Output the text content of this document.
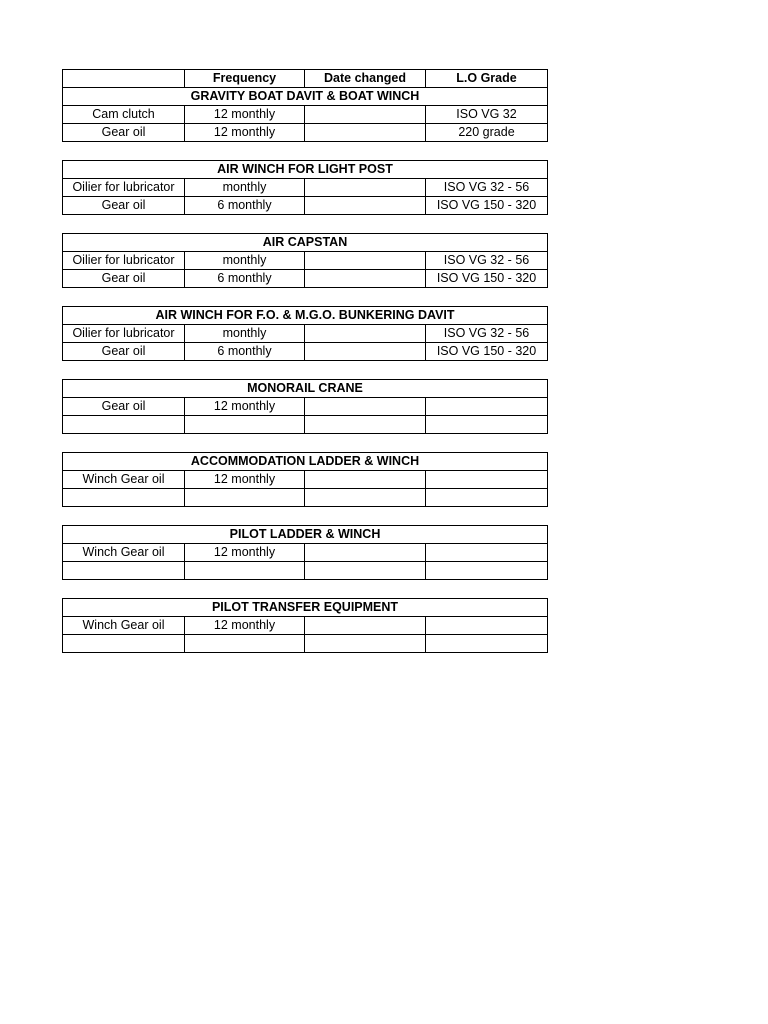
	Frequency	Date changed	L.O Grade
GRAVITY BOAT DAVIT & BOAT WINCH			
Cam clutch	12 monthly		ISO VG 32
Gear oil	12 monthly		220 grade
AIR WINCH FOR LIGHT POST			
Oilier for lubricator	monthly		ISO VG 32 - 56
Gear oil	6 monthly		ISO VG 150 - 320
AIR CAPSTAN			
Oilier for lubricator	monthly		ISO VG 32 - 56
Gear oil	6 monthly		ISO VG 150 - 320
AIR WINCH FOR F.O. & M.G.O. BUNKERING DAVIT			
Oilier for lubricator	monthly		ISO VG 32 - 56
Gear oil	6 monthly		ISO VG 150 - 320
MONORAIL CRANE			
Gear oil	12 monthly		

ACCOMMODATION LADDER & WINCH			
Winch Gear oil	12 monthly		

PILOT LADDER & WINCH			
Winch Gear oil	12 monthly		

PILOT TRANSFER EQUIPMENT			
Winch Gear oil	12 monthly		
